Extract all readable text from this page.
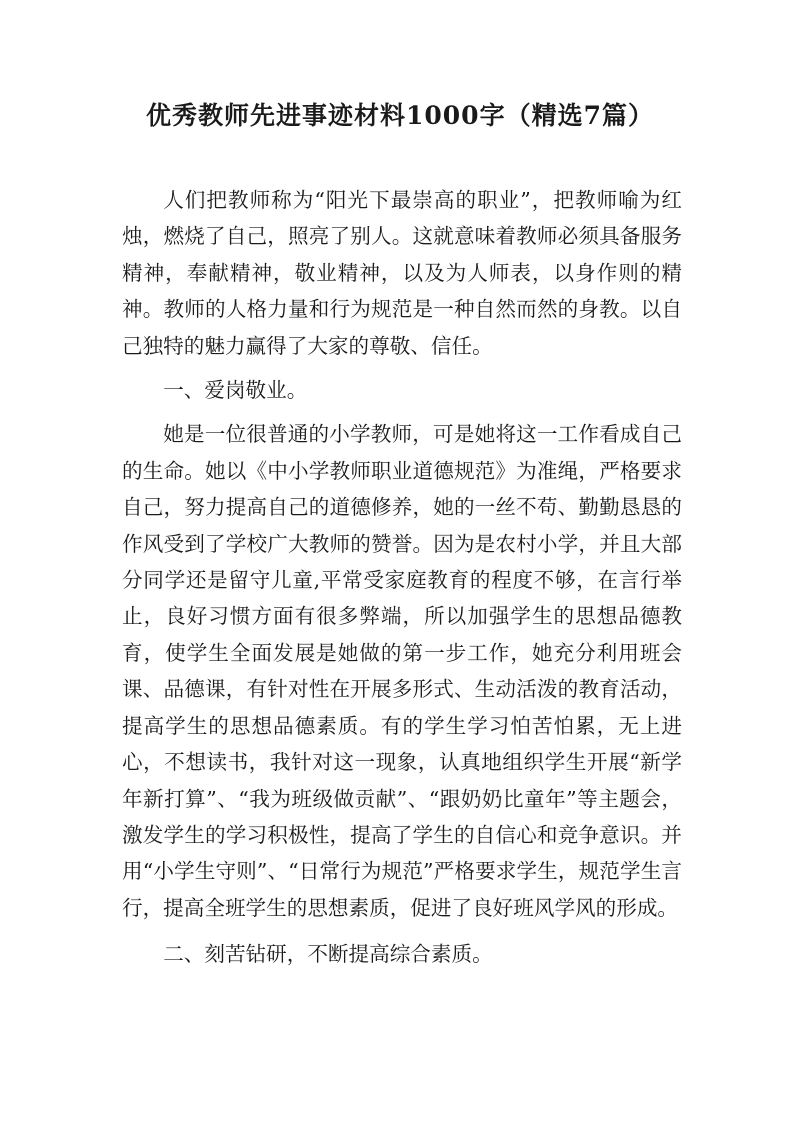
优秀教师先进事迹材料1000字（精选7篇）

人们把教师称为“阳光下最崇高的职业”，把教师喻为红烛，燃烧了自己，照亮了别人。这就意味着教师必须具备服务精神，奉献精神，敬业精神，以及为人师表，以身作则的精神。教师的人格力量和行为规范是一种自然而然的身教。以自己独特的魅力赢得了大家的尊敬、信任。

一、爱岗敬业。

她是一位很普通的小学教师，可是她将这一工作看成自己的生命。她以《中小学教师职业道德规范》为准绳，严格要求自己，努力提高自己的道德修养，她的一丝不苟、勤勤恳恳的作风受到了学校广大教师的赞誉。因为是农村小学，并且大部分同学还是留守儿童,平常受家庭教育的程度不够，在言行举止，良好习惯方面有很多弊端，所以加强学生的思想品德教育，使学生全面发展是她做的第一步工作，她充分利用班会课、品德课，有针对性在开展多形式、生动活泼的教育活动，提高学生的思想品德素质。有的学生学习怕苦怕累，无上进心，不想读书，我针对这一现象，认真地组织学生开展“新学年新打算”、“我为班级做贡献”、“跟奶奶比童年”等主题会，激发学生的学习积极性，提高了学生的自信心和竞争意识。并用“小学生守则”、“日常行为规范”严格要求学生，规范学生言行，提高全班学生的思想素质，促进了良好班风学风的形成。

二、刻苦钻研，不断提高综合素质。
